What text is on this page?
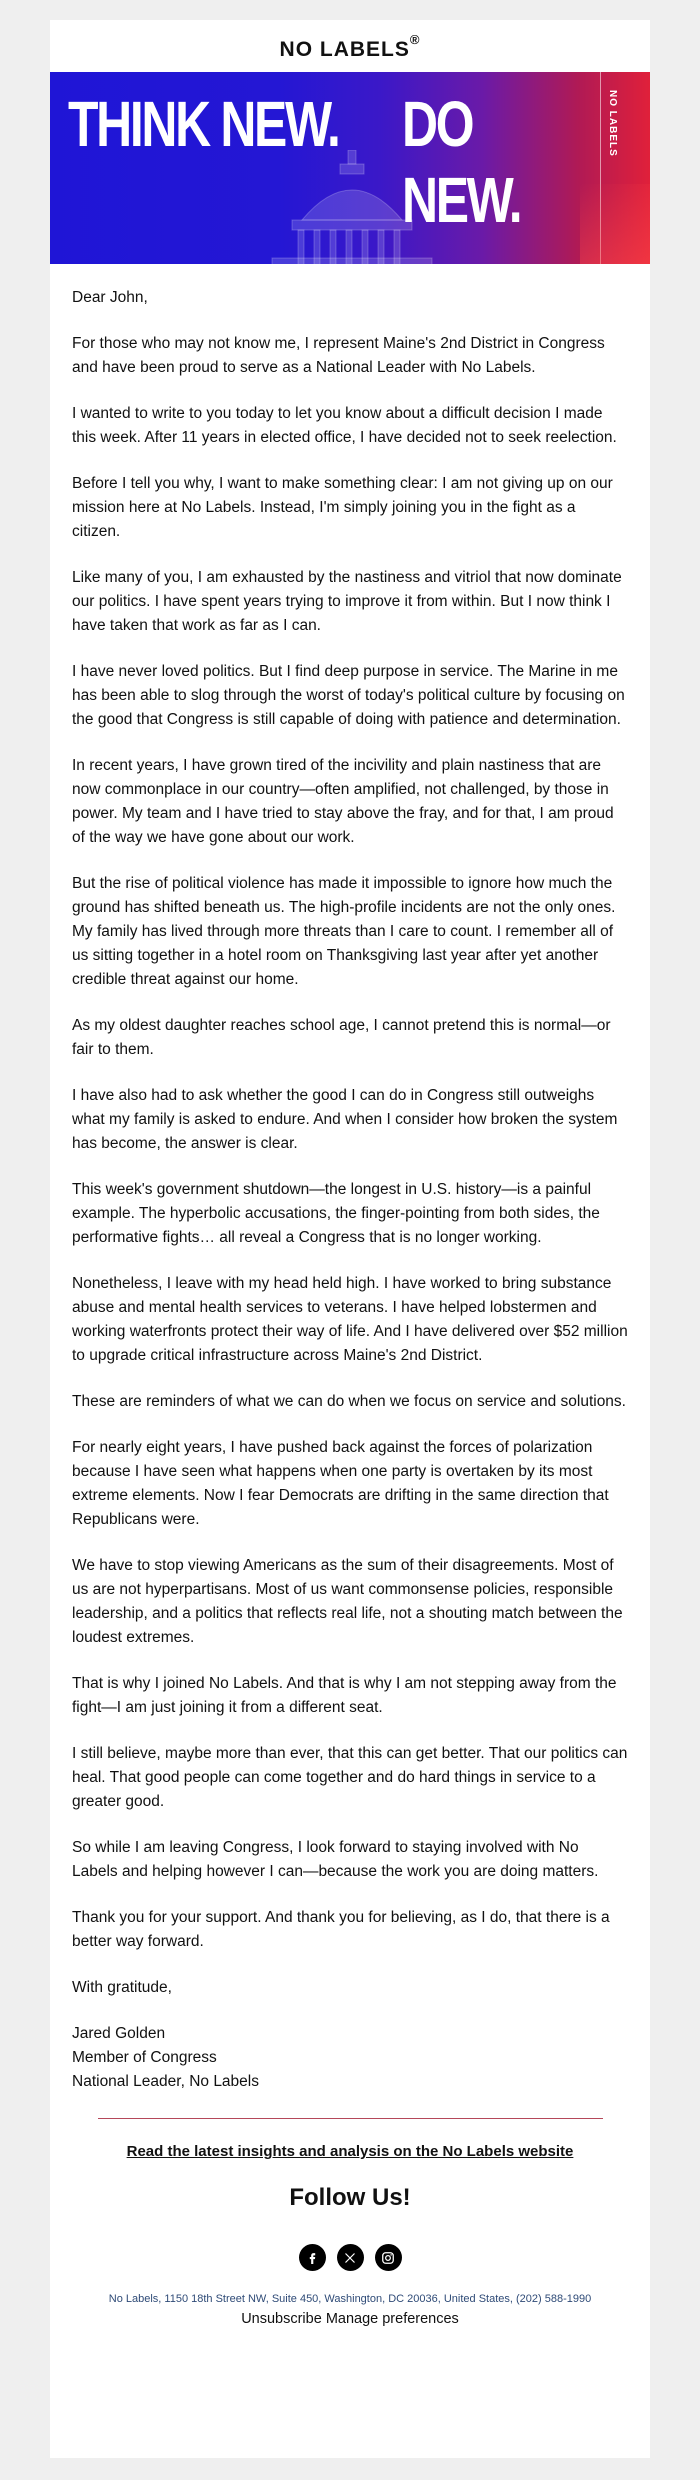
NO LABELS®
THINK NEW. DO NEW.
NO LABELS

Dear John,

For those who may not know me, I represent Maine's 2nd District in Congress and have been proud to serve as a National Leader with No Labels.

I wanted to write to you today to let you know about a difficult decision I made this week. After 11 years in elected office, I have decided not to seek reelection.

Before I tell you why, I want to make something clear: I am not giving up on our mission here at No Labels. Instead, I'm simply joining you in the fight as a citizen.

Like many of you, I am exhausted by the nastiness and vitriol that now dominate our politics. I have spent years trying to improve it from within. But I now think I have taken that work as far as I can.

I have never loved politics. But I find deep purpose in service. The Marine in me has been able to slog through the worst of today's political culture by focusing on the good that Congress is still capable of doing with patience and determination.

In recent years, I have grown tired of the incivility and plain nastiness that are now commonplace in our country—often amplified, not challenged, by those in power. My team and I have tried to stay above the fray, and for that, I am proud of the way we have gone about our work.

But the rise of political violence has made it impossible to ignore how much the ground has shifted beneath us. The high-profile incidents are not the only ones. My family has lived through more threats than I care to count. I remember all of us sitting together in a hotel room on Thanksgiving last year after yet another credible threat against our home.

As my oldest daughter reaches school age, I cannot pretend this is normal—or fair to them.

I have also had to ask whether the good I can do in Congress still outweighs what my family is asked to endure. And when I consider how broken the system has become, the answer is clear.

This week's government shutdown—the longest in U.S. history—is a painful example. The hyperbolic accusations, the finger-pointing from both sides, the performative fights… all reveal a Congress that is no longer working.

Nonetheless, I leave with my head held high. I have worked to bring substance abuse and mental health services to veterans. I have helped lobstermen and working waterfronts protect their way of life. And I have delivered over $52 million to upgrade critical infrastructure across Maine's 2nd District.

These are reminders of what we can do when we focus on service and solutions.

For nearly eight years, I have pushed back against the forces of polarization because I have seen what happens when one party is overtaken by its most extreme elements. Now I fear Democrats are drifting in the same direction that Republicans were.

We have to stop viewing Americans as the sum of their disagreements. Most of us are not hyperpartisans. Most of us want commonsense policies, responsible leadership, and a politics that reflects real life, not a shouting match between the loudest extremes.

That is why I joined No Labels. And that is why I am not stepping away from the fight—I am just joining it from a different seat.

I still believe, maybe more than ever, that this can get better. That our politics can heal. That good people can come together and do hard things in service to a greater good.

So while I am leaving Congress, I look forward to staying involved with No Labels and helping however I can—because the work you are doing matters.

Thank you for your support. And thank you for believing, as I do, that there is a better way forward.

With gratitude,

Jared Golden
Member of Congress
National Leader, No Labels
Read the latest insights and analysis on the No Labels website
Follow Us!
No Labels, 1150 18th Street NW, Suite 450, Washington, DC 20036, United States, (202) 588-1990
Unsubscribe Manage preferences
